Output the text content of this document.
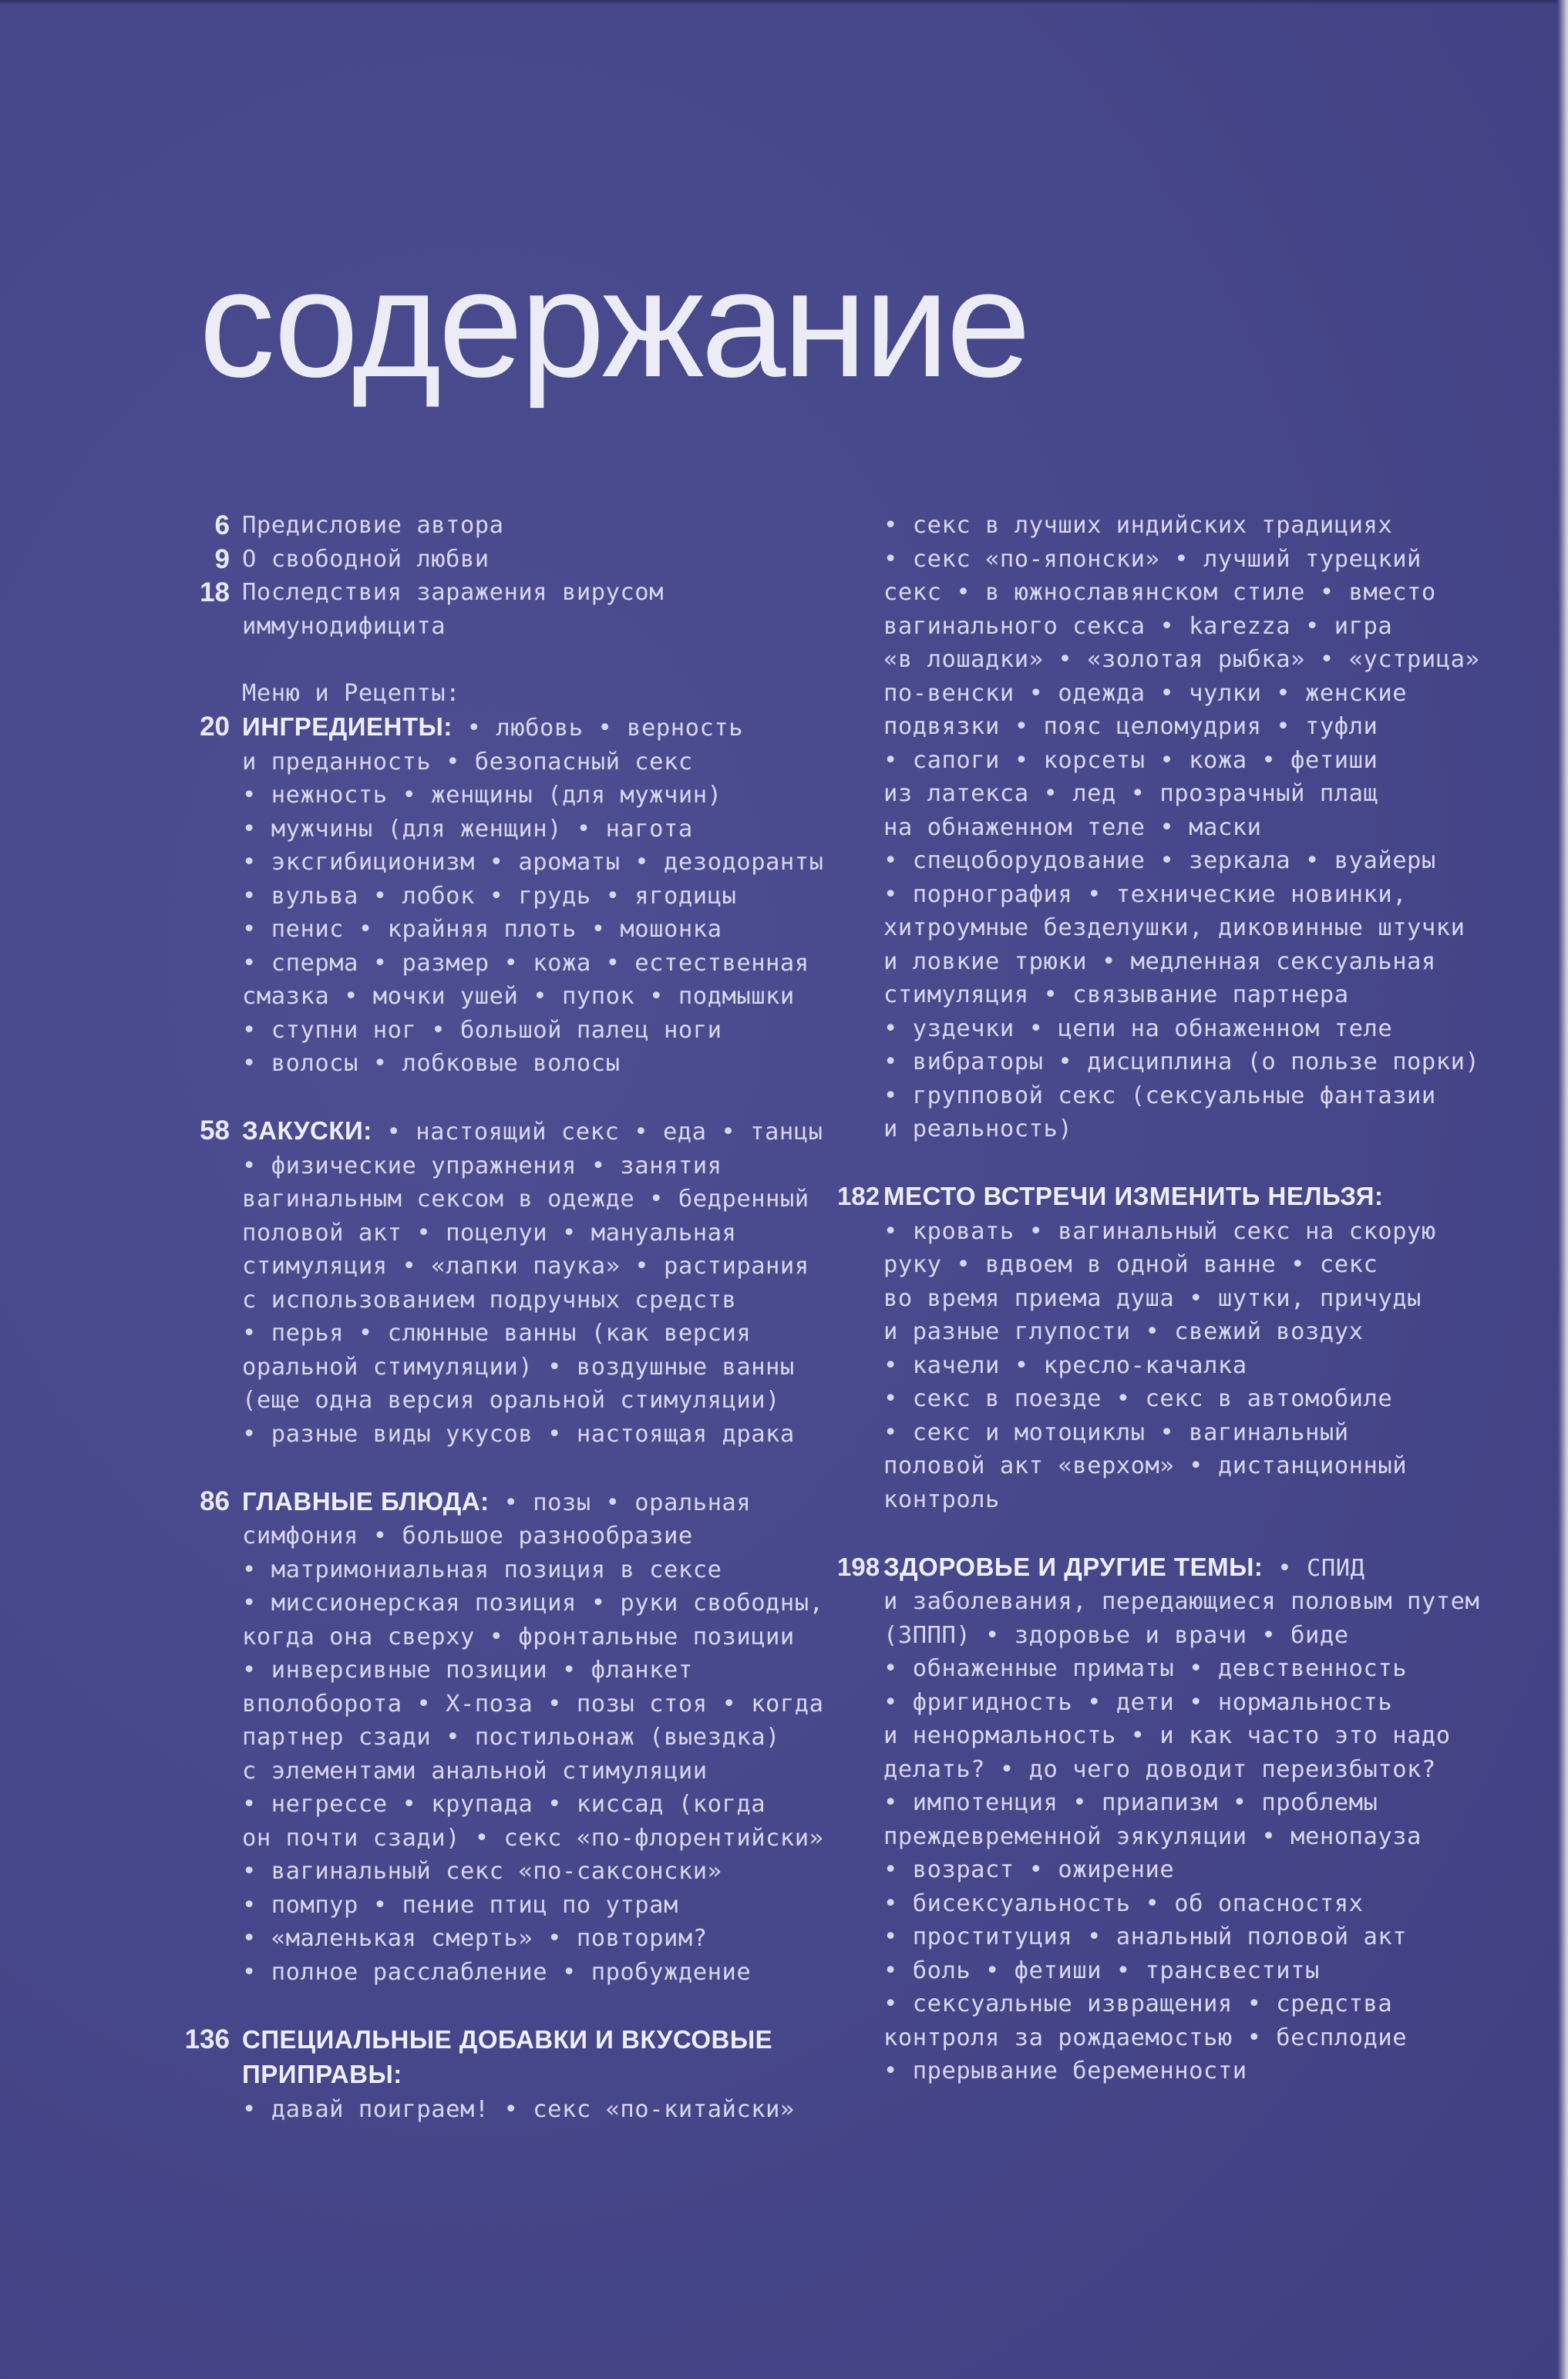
содержание
6 Предисловие автора
9 О свободной любви
18 Последствия заражения вирусом
иммунодифицита
Меню и Рецепты:
20 ИНГРЕДИЕНТЫ: • любовь • верность
и преданность • безопасный секс
• нежность • женщины (для мужчин)
• мужчины (для женщин) • нагота
• эксгибиционизм • ароматы • дезодоранты
• вульва • лобок • грудь • ягодицы
• пенис • крайняя плоть • мошонка
• сперма • размер • кожа • естественная
смазка • мочки ушей • пупок • подмышки
• ступни ног • большой палец ноги
• волосы • лобковые волосы
58 ЗАКУСКИ: • настоящий секс • еда • танцы
• физические упражнения • занятия
вагинальным сексом в одежде • бедренный
половой акт • поцелуи • мануальная
стимуляция • «лапки паука» • растирания
с использованием подручных средств
• перья • слюнные ванны (как версия
оральной стимуляции) • воздушные ванны
(еще одна версия оральной стимуляции)
• разные виды укусов • настоящая драка
86 ГЛАВНЫЕ БЛЮДА: • позы • оральная
симфония • большое разнообразие
• матримониальная позиция в сексе
• миссионерская позиция • руки свободны,
когда она сверху • фронтальные позиции
• инверсивные позиции • фланкет
вполоборота • Х-поза • позы стоя • когда
партнер сзади • постильонаж (выездка)
с элементами анальной стимуляции
• негрессе • крупада • киссад (когда
он почти сзади) • секс «по-флорентийски»
• вагинальный секс «по-саксонски»
• помпур • пение птиц по утрам
• «маленькая смерть» • повторим?
• полное расслабление • пробуждение
136 СПЕЦИАЛЬНЫЕ ДОБАВКИ И ВКУСОВЫЕ ПРИПРАВЫ:
• давай поиграем! • секс «по-китайски»
• секс в лучших индийских традициях
• секс «по-японски» • лучший турецкий
секс • в южнославянском стиле • вместо
вагинального секса • karezza • игра
«в лошадки» • «золотая рыбка» • «устрица»
по-венски • одежда • чулки • женские
подвязки • пояс целомудрия • туфли
• сапоги • корсеты • кожа • фетиши
из латекса • лед • прозрачный плащ
на обнаженном теле • маски
• спецоборудование • зеркала • вуайеры
• порнография • технические новинки,
хитроумные безделушки, диковинные штучки
и ловкие трюки • медленная сексуальная
стимуляция • связывание партнера
• уздечки • цепи на обнаженном теле
• вибраторы • дисциплина (о пользе порки)
• групповой секс (сексуальные фантазии
и реальность)
182 МЕСТО ВСТРЕЧИ ИЗМЕНИТЬ НЕЛЬЗЯ:
• кровать • вагинальный секс на скорую
руку • вдвоем в одной ванне • секс
во время приема душа • шутки, причуды
и разные глупости • свежий воздух
• качели • кресло-качалка
• секс в поезде • секс в автомобиле
• секс и мотоциклы • вагинальный
половой акт «верхом» • дистанционный
контроль
198 ЗДОРОВЬЕ И ДРУГИЕ ТЕМЫ: • СПИД
и заболевания, передающиеся половым путем
(ЗППП) • здоровье и врачи • биде
• обнаженные приматы • девственность
• фригидность • дети • нормальность
и ненормальность • и как часто это надо
делать? • до чего доводит переизбыток?
• импотенция • приапизм • проблемы
преждевременной эякуляции • менопауза
• возраст • ожирение
• бисексуальность • об опасностях
• проституция • анальный половой акт
• боль • фетиши • трансвеститы
• сексуальные извращения • средства
контроля за рождаемостью • бесплодие
• прерывание беременности
